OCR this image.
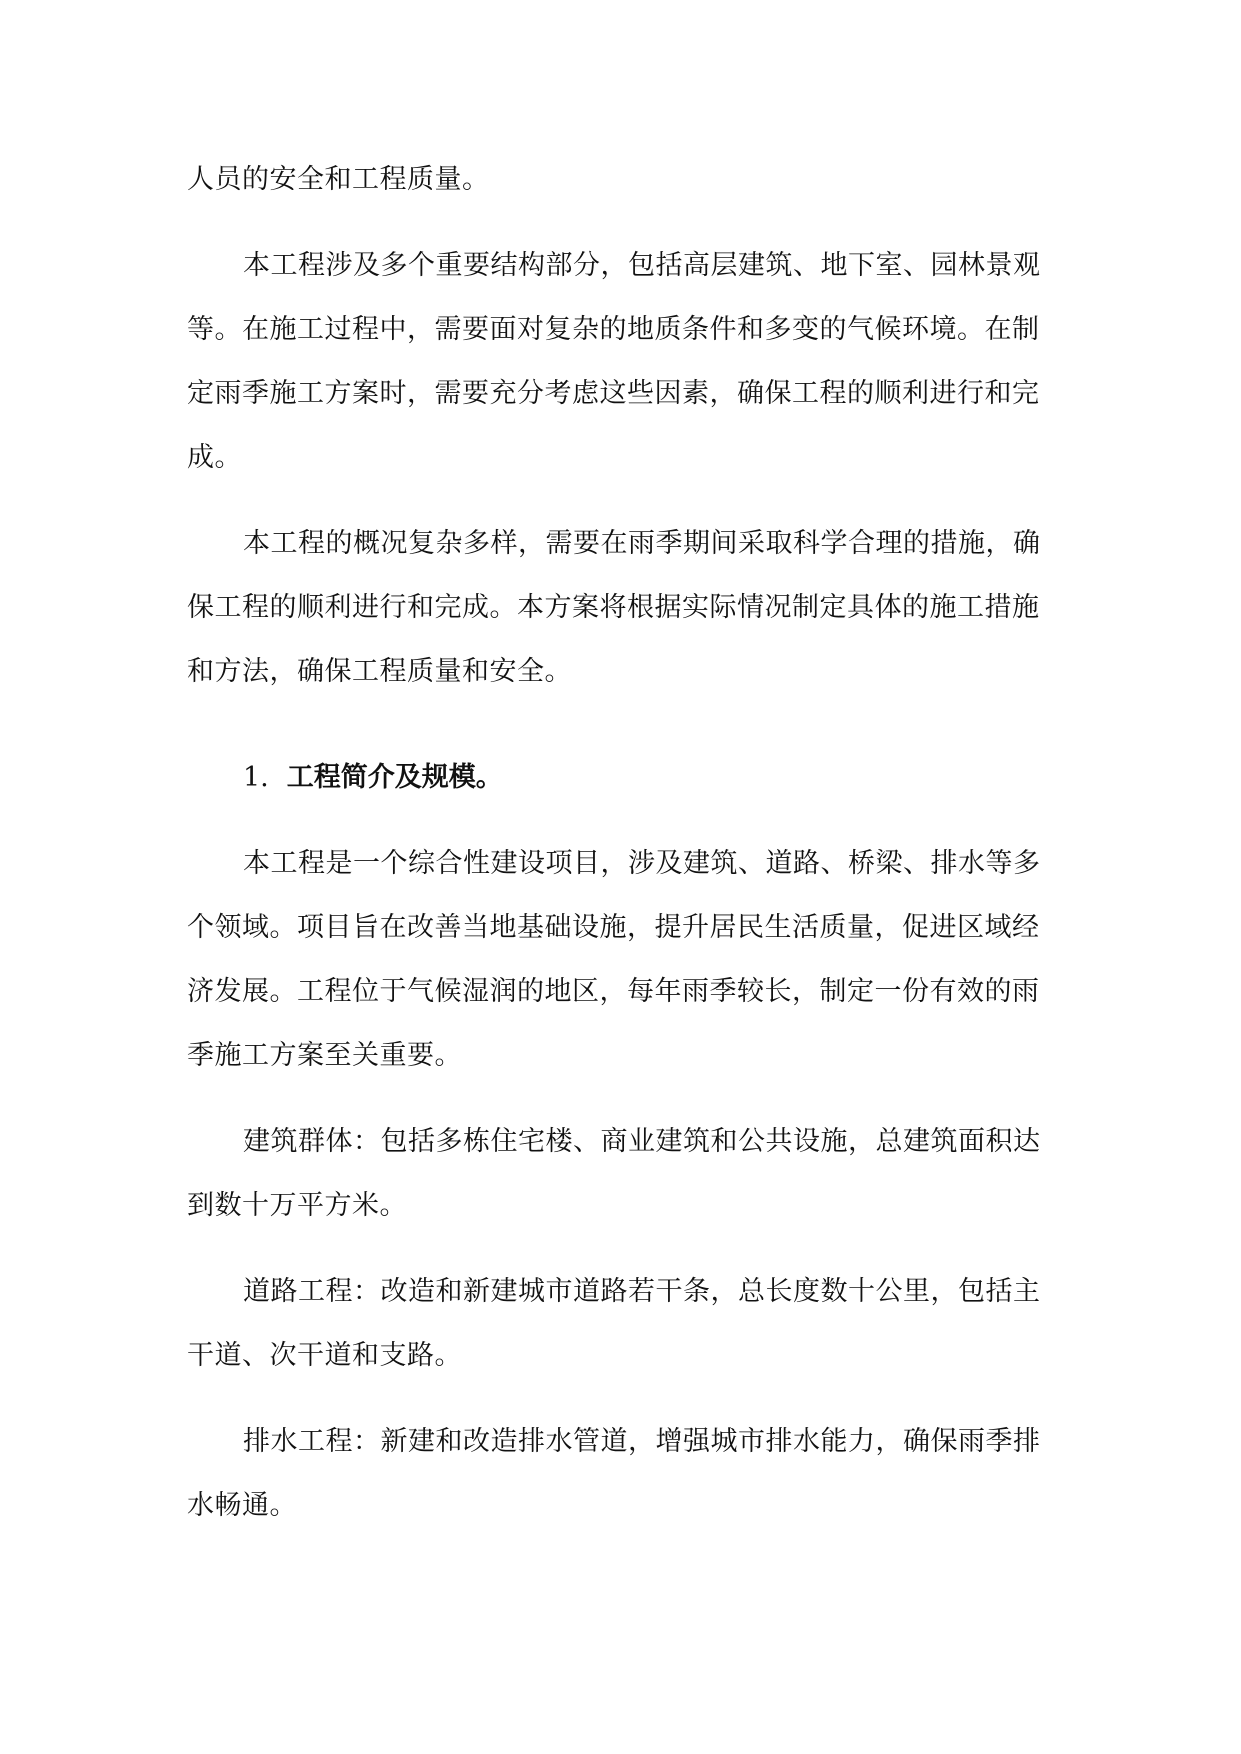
人员的安全和工程质量。

本工程涉及多个重要结构部分，包括高层建筑、地下室、园林景观等。在施工过程中，需要面对复杂的地质条件和多变的气候环境。在制定雨季施工方案时，需要充分考虑这些因素，确保工程的顺利进行和完成。

本工程的概况复杂多样，需要在雨季期间采取科学合理的措施，确保工程的顺利进行和完成。本方案将根据实际情况制定具体的施工措施和方法，确保工程质量和安全。

1. 工程简介及规模。

本工程是一个综合性建设项目，涉及建筑、道路、桥梁、排水等多个领域。项目旨在改善当地基础设施，提升居民生活质量，促进区域经济发展。工程位于气候湿润的地区，每年雨季较长，制定一份有效的雨季施工方案至关重要。

建筑群体：包括多栋住宅楼、商业建筑和公共设施，总建筑面积达到数十万平方米。

道路工程：改造和新建城市道路若干条，总长度数十公里，包括主干道、次干道和支路。

排水工程：新建和改造排水管道，增强城市排水能力，确保雨季排水畅通。
